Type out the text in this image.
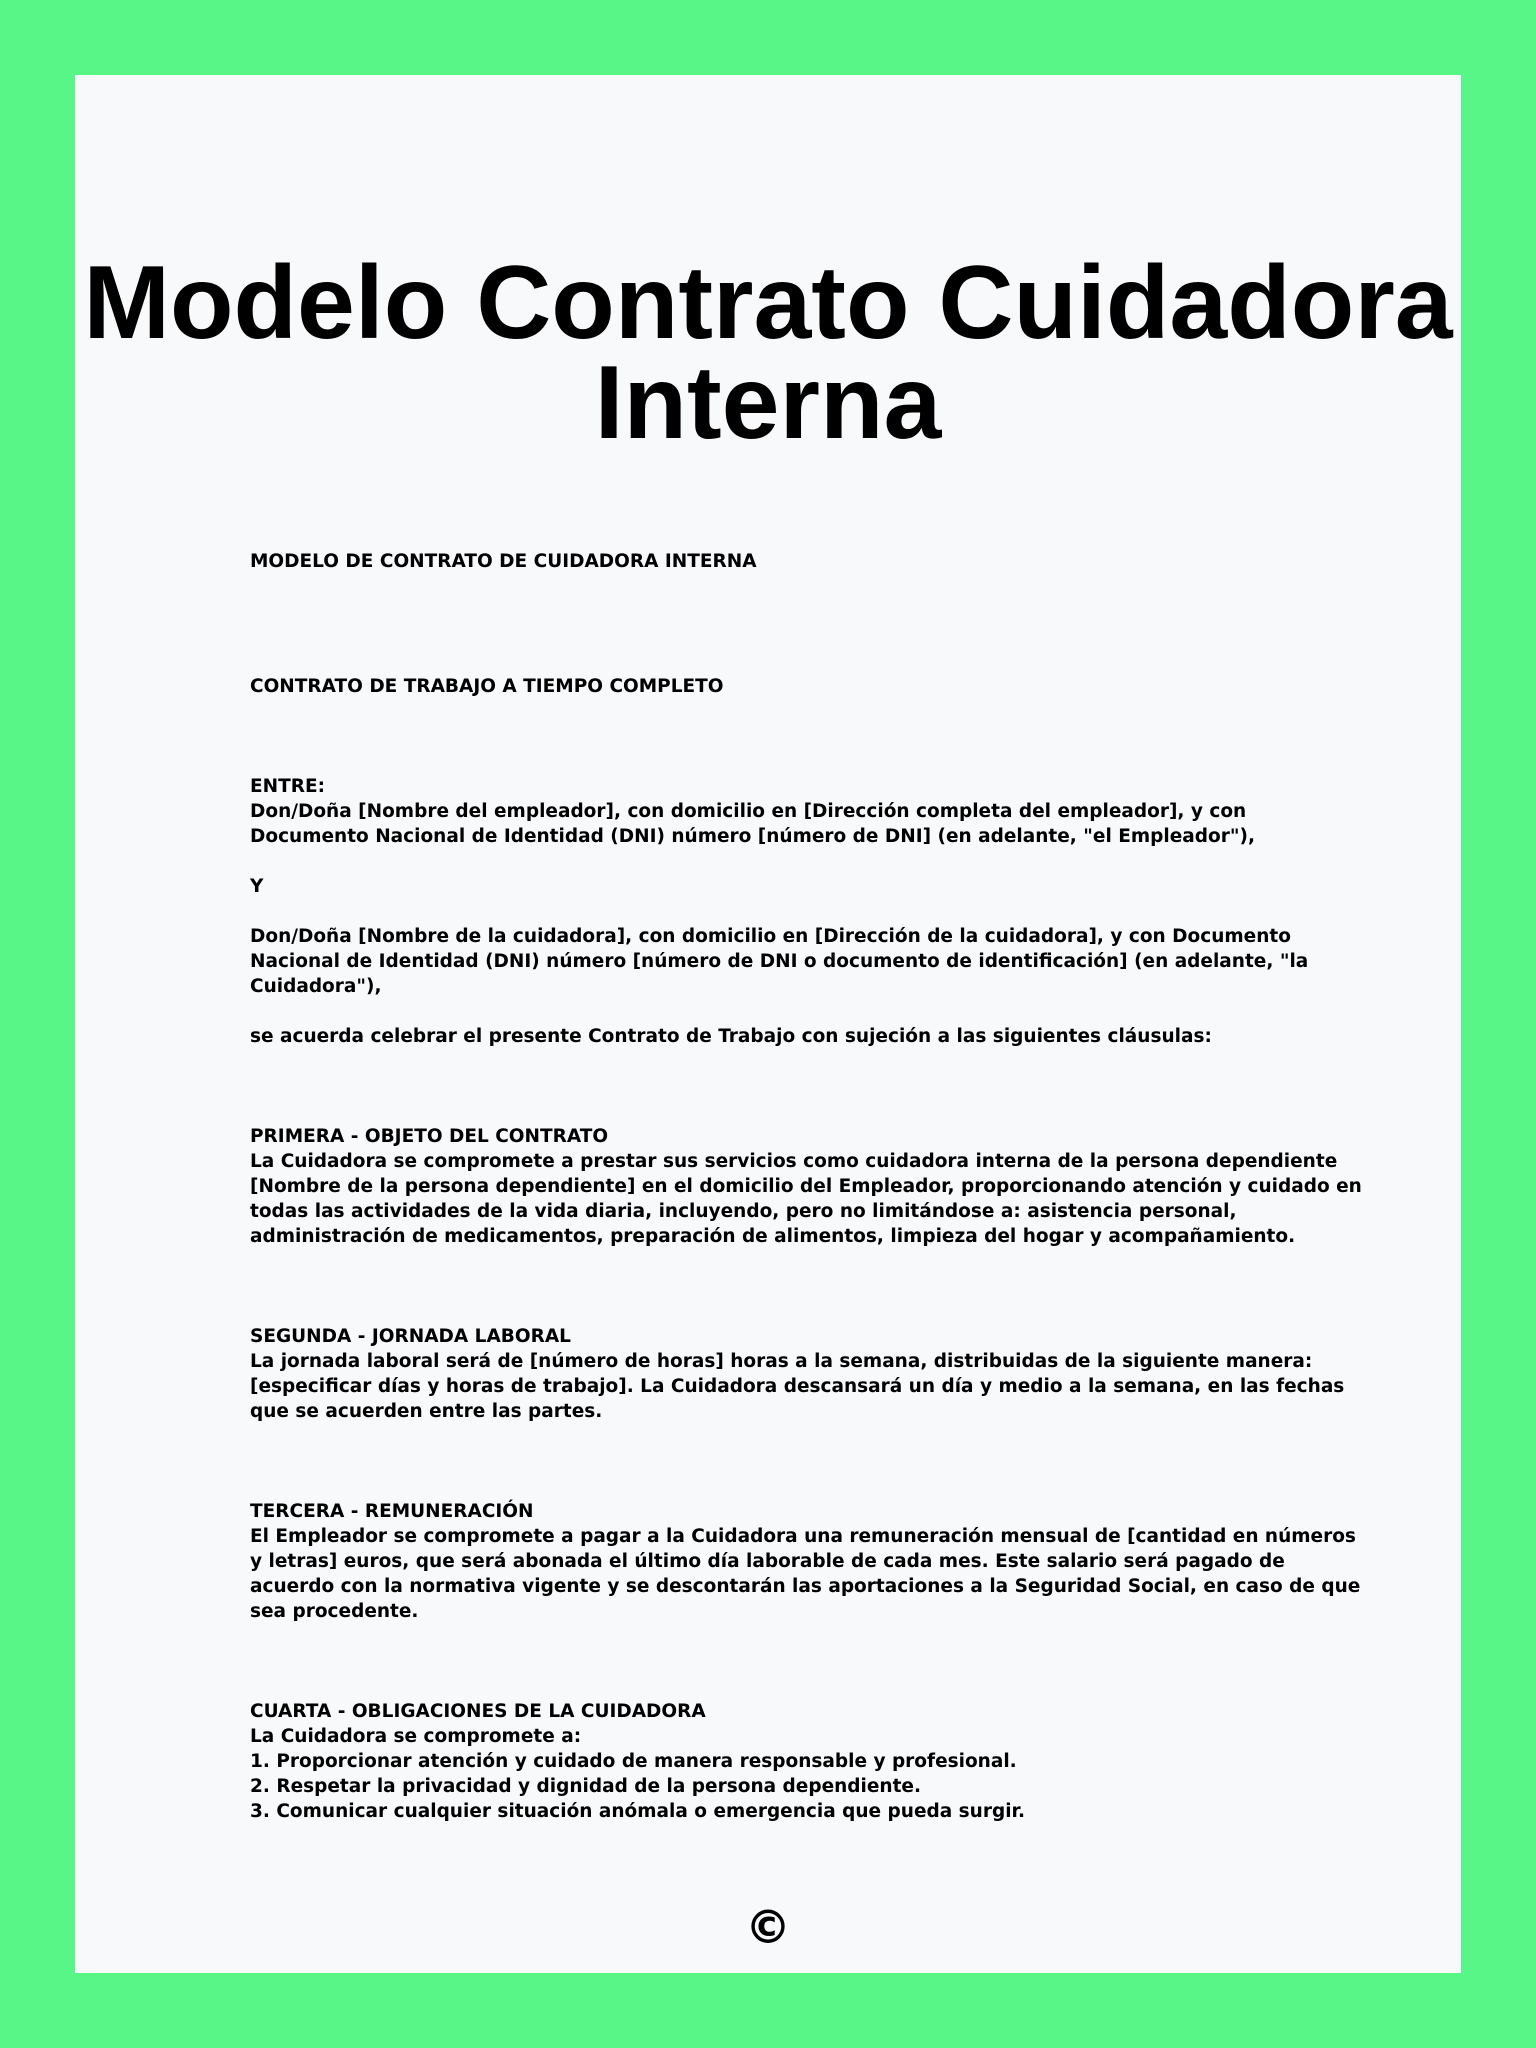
Modelo Contrato Cuidadora Interna

MODELO DE CONTRATO DE CUIDADORA INTERNA

CONTRATO DE TRABAJO A TIEMPO COMPLETO

ENTRE:

Don/Doña [Nombre del empleador], con domicilio en [Dirección completa del empleador], y con Documento Nacional de Identidad (DNI) número [número de DNI] (en adelante, "el Empleador"),

Y

Don/Doña [Nombre de la cuidadora], con domicilio en [Dirección de la cuidadora], y con Documento Nacional de Identidad (DNI) número [número de DNI o documento de identificación] (en adelante, "la Cuidadora"),

se acuerda celebrar el presente Contrato de Trabajo con sujeción a las siguientes cláusulas:

PRIMERA - OBJETO DEL CONTRATO

La Cuidadora se compromete a prestar sus servicios como cuidadora interna de la persona dependiente [Nombre de la persona dependiente] en el domicilio del Empleador, proporcionando atención y cuidado en todas las actividades de la vida diaria, incluyendo, pero no limitándose a: asistencia personal, administración de medicamentos, preparación de alimentos, limpieza del hogar y acompañamiento.

SEGUNDA - JORNADA LABORAL

La jornada laboral será de [número de horas] horas a la semana, distribuidas de la siguiente manera: [especificar días y horas de trabajo]. La Cuidadora descansará un día y medio a la semana, en las fechas que se acuerden entre las partes.

TERCERA - REMUNERACIÓN

El Empleador se compromete a pagar a la Cuidadora una remuneración mensual de [cantidad en números y letras] euros, que será abonada el último día laborable de cada mes. Este salario será pagado de acuerdo con la normativa vigente y se descontarán las aportaciones a la Seguridad Social, en caso de que sea procedente.

CUARTA - OBLIGACIONES DE LA CUIDADORA

La Cuidadora se compromete a:

1. Proporcionar atención y cuidado de manera responsable y profesional.

2. Respetar la privacidad y dignidad de la persona dependiente.

3. Comunicar cualquier situación anómala o emergencia que pueda surgir.

©
